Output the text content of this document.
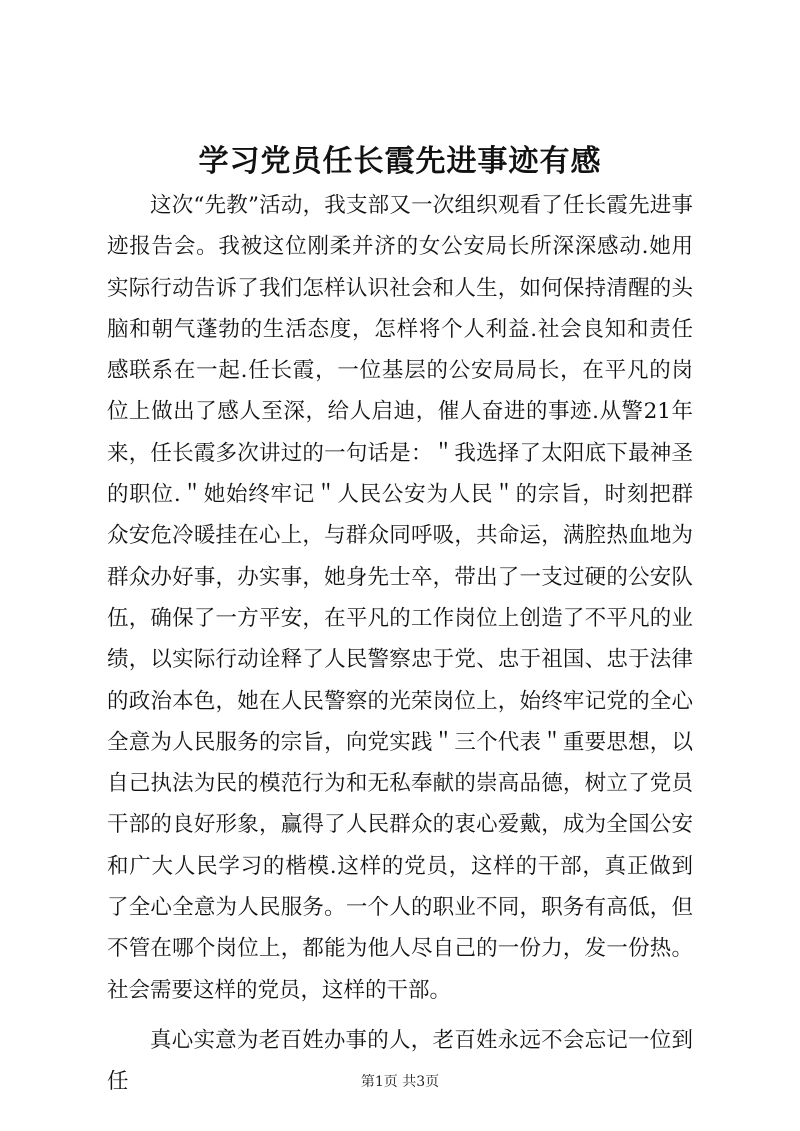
学习党员任长霞先进事迹有感

这次“先教”活动，我支部又一次组织观看了任长霞先进事迹报告会。我被这位刚柔并济的女公安局长所深深感动.她用实际行动告诉了我们怎样认识社会和人生，如何保持清醒的头脑和朝气蓬勃的生活态度，怎样将个人利益.社会良知和责任感联系在一起.任长霞，一位基层的公安局局长，在平凡的岗位上做出了感人至深，给人启迪，催人奋进的事迹.从警21年来，任长霞多次讲过的一句话是：＂我选择了太阳底下最神圣的职位.＂她始终牢记＂人民公安为人民＂的宗旨，时刻把群众安危冷暖挂在心上，与群众同呼吸，共命运，满腔热血地为群众办好事，办实事，她身先士卒，带出了一支过硬的公安队伍，确保了一方平安，在平凡的工作岗位上创造了不平凡的业绩，以实际行动诠释了人民警察忠于党、忠于祖国、忠于法律的政治本色，她在人民警察的光荣岗位上，始终牢记党的全心全意为人民服务的宗旨，向党实践＂三个代表＂重要思想，以自己执法为民的模范行为和无私奉献的崇高品德，树立了党员干部的良好形象，赢得了人民群众的衷心爱戴，成为全国公安和广大人民学习的楷模.这样的党员，这样的干部，真正做到了全心全意为人民服务。一个人的职业不同，职务有高低，但不管在哪个岗位上，都能为他人尽自己的一份力，发一份热。社会需要这样的党员，这样的干部。

真心实意为老百姓办事的人，老百姓永远不会忘记一位到任	第1页 共3页
